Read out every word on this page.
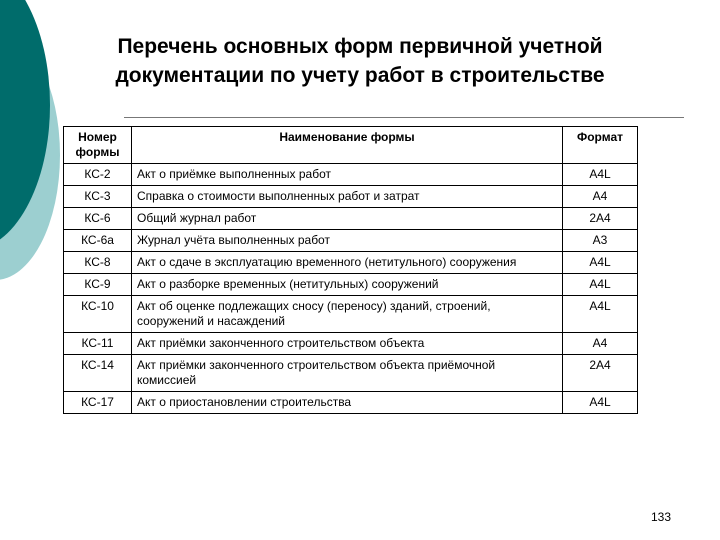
Перечень основных форм первичной учетной документации по учету работ в строительстве
Номер формы	Наименование формы	Формат
КС-2	Акт о приёмке выполненных работ	А4L
КС-3	Справка о стоимости выполненных работ и затрат	А4
КС-6	Общий журнал работ	2А4
КС-6а	Журнал учёта выполненных работ	А3
КС-8	Акт о сдаче в эксплуатацию временного (нетитульного) сооружения	А4L
КС-9	Акт о разборке временных (нетитульных) сооружений	А4L
КС-10	Акт об оценке подлежащих сносу (переносу) зданий, строений, сооружений и насаждений	А4L
КС-11	Акт приёмки законченного строительством объекта	А4
КС-14	Акт приёмки законченного строительством объекта приёмочной комиссией	2А4
КС-17	Акт о приостановлении строительства	А4L
133
